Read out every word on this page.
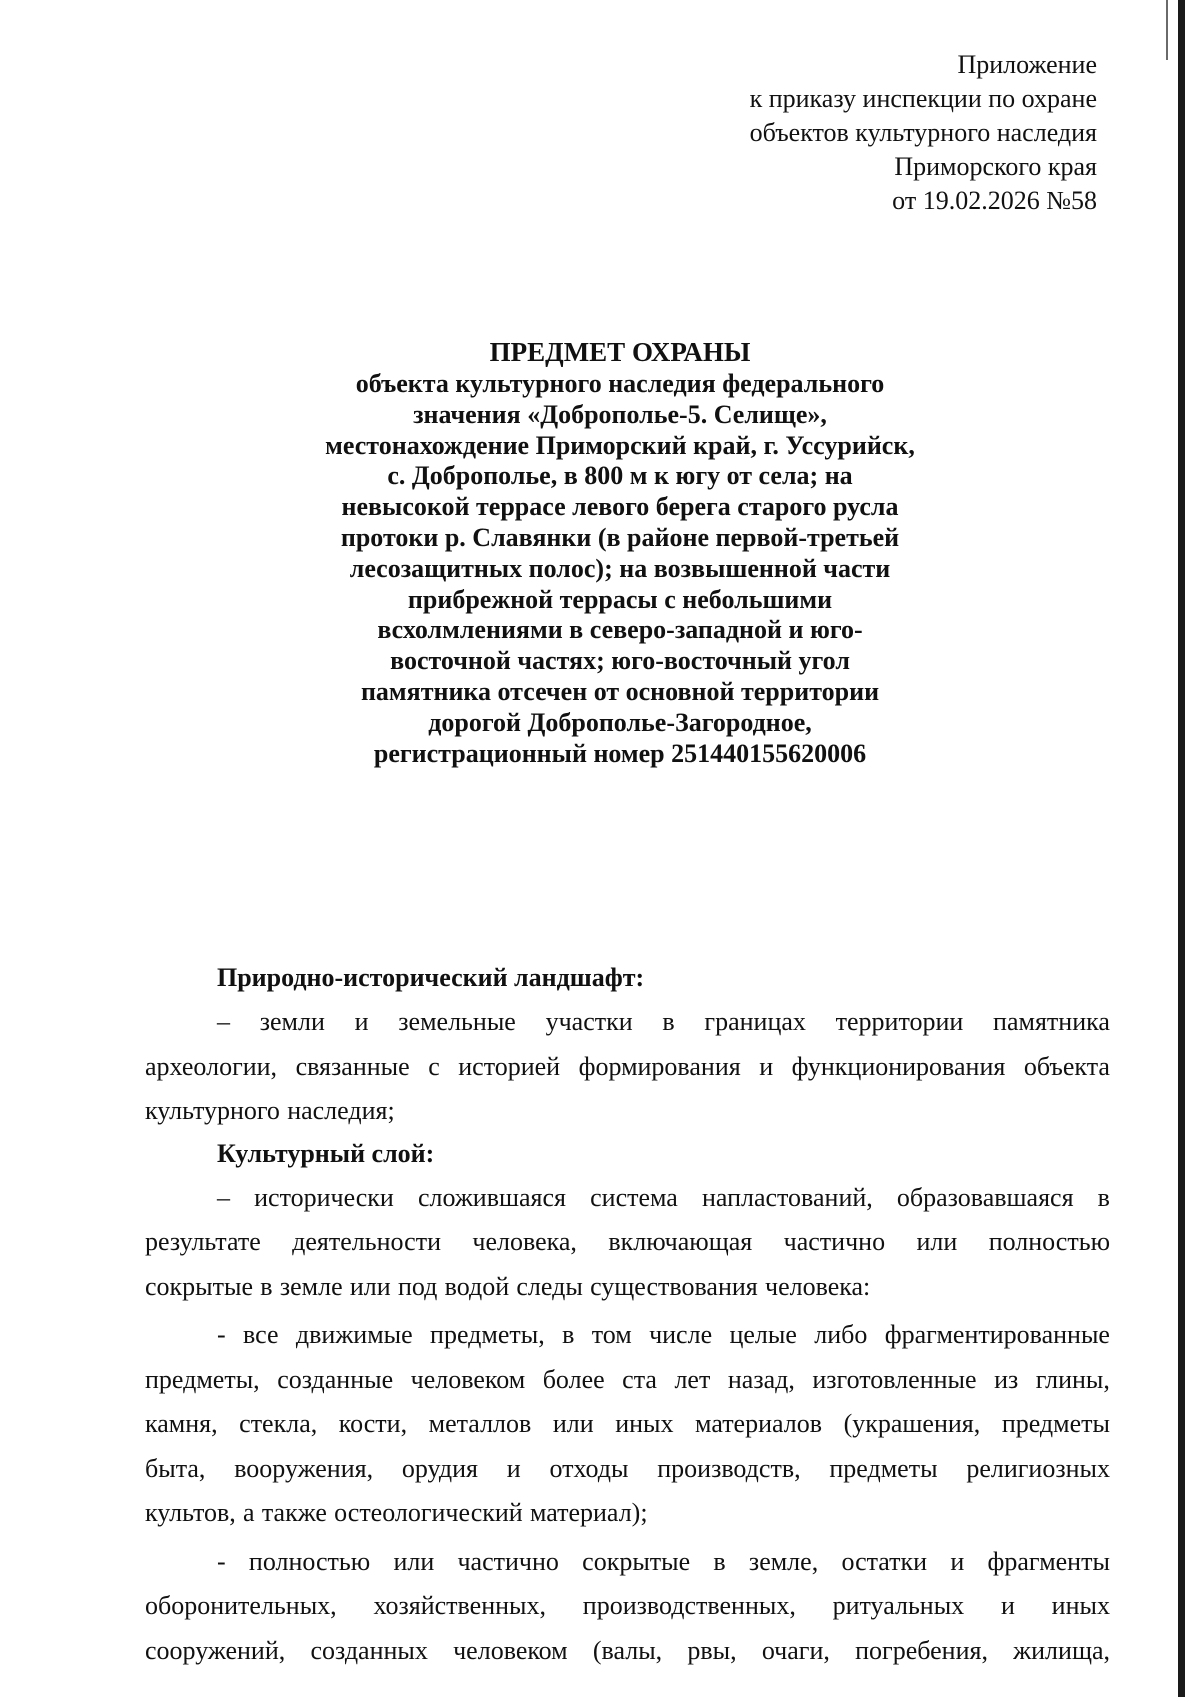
Приложение
к приказу инспекции по охране
объектов культурного наследия
Приморского края
от 19.02.2026 №58
ПРЕДМЕТ ОХРАНЫ
объекта культурного наследия федерального
значения «Доброполье-5. Селище»,
местонахождение Приморский край, г. Уссурийск,
с. Доброполье, в 800 м к югу от села; на
невысокой террасе левого берега старого русла
протоки р. Славянки (в районе первой-третьей
лесозащитных полос); на возвышенной части
прибрежной террасы с небольшими
всхолмлениями в северо-западной и юго-
восточной частях; юго-восточный угол
памятника отсечен от основной территории
дорогой Доброполье-Загородное,
регистрационный номер 251440155620006
Природно-исторический ландшафт:
– земли и земельные участки в границах территории памятника
археологии, связанные с историей формирования и функционирования объекта
культурного наследия;
Культурный слой:
– исторически сложившаяся система напластований, образовавшаяся в
результате деятельности человека, включающая частично или полностью
сокрытые в земле или под водой следы существования человека:
- все движимые предметы, в том числе целые либо фрагментированные
предметы, созданные человеком более ста лет назад, изготовленные из глины,
камня, стекла, кости, металлов или иных материалов (украшения, предметы
быта, вооружения, орудия и отходы производств, предметы религиозных
культов, а также остеологический материал);
- полностью или частично сокрытые в земле, остатки и фрагменты
оборонительных, хозяйственных, производственных, ритуальных и иных
сооружений, созданных человеком (валы, рвы, очаги, погребения, жилища,
